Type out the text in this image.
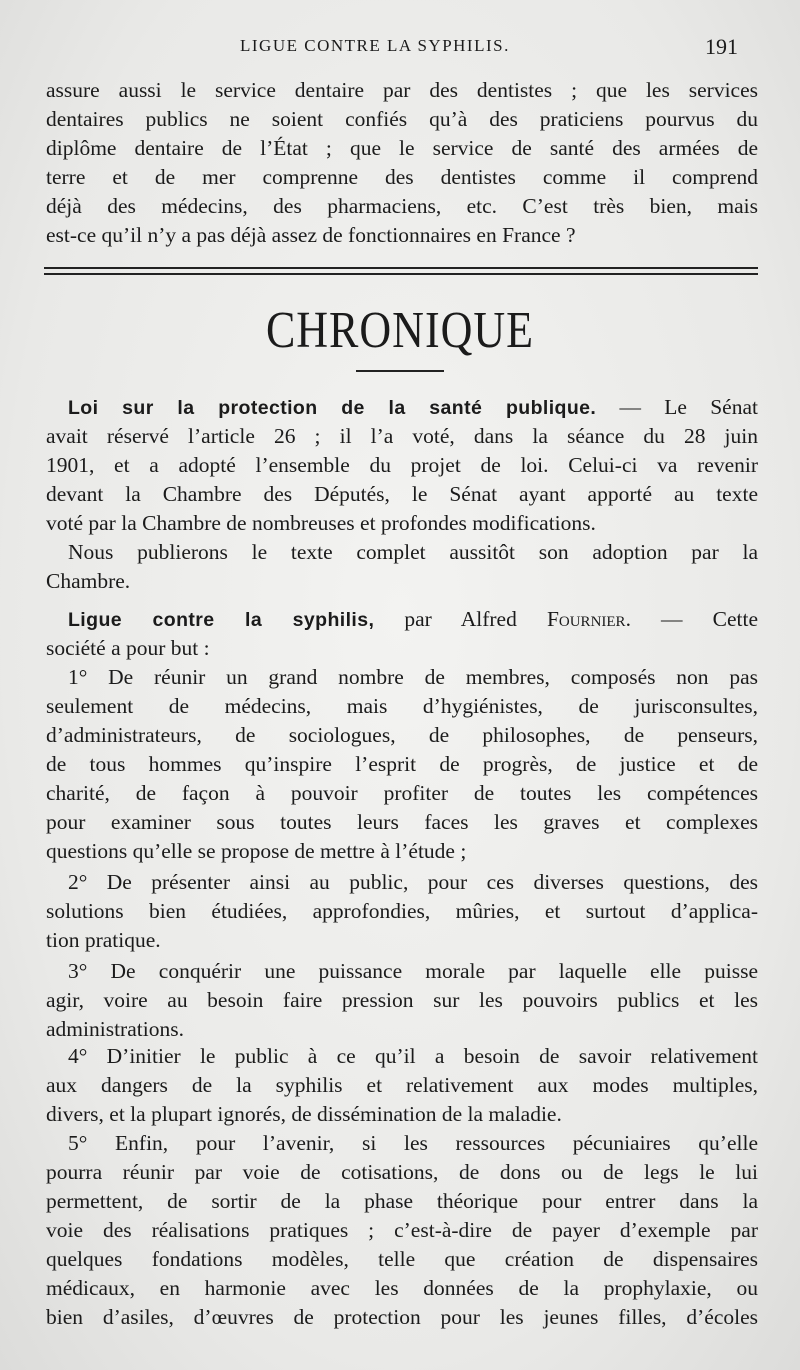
LIGUE CONTRE LA SYPHILIS.	191
assure aussi le service dentaire par des dentistes ; que les services
dentaires publics ne soient confiés qu’à des praticiens pourvus du
diplôme dentaire de l’État ; que le service de santé des armées de
terre et de mer comprenne des dentistes comme il comprend
déjà des médecins, des pharmaciens, etc. C’est très bien, mais
est-ce qu’il n’y a pas déjà assez de fonctionnaires en France ?
CHRONIQUE
Loi sur la protection de la santé publique. — Le Sénat
avait réservé l’article 26 ; il l’a voté, dans la séance du 28 juin
1901, et a adopté l’ensemble du projet de loi. Celui-ci va revenir
devant la Chambre des Députés, le Sénat ayant apporté au texte
voté par la Chambre de nombreuses et profondes modifications.
Nous publierons le texte complet aussitôt son adoption par la
Chambre.
Ligue contre la syphilis, par Alfred Fournier. — Cette
société a pour but :
1° De réunir un grand nombre de membres, composés non pas
seulement de médecins, mais d’hygiénistes, de jurisconsultes,
d’administrateurs, de sociologues, de philosophes, de penseurs,
de tous hommes qu’inspire l’esprit de progrès, de justice et de
charité, de façon à pouvoir profiter de toutes les compétences
pour examiner sous toutes leurs faces les graves et complexes
questions qu’elle se propose de mettre à l’étude ;
2° De présenter ainsi au public, pour ces diverses questions, des
solutions bien étudiées, approfondies, mûries, et surtout d’applica-
tion pratique.
3° De conquérir une puissance morale par laquelle elle puisse
agir, voire au besoin faire pression sur les pouvoirs publics et les
administrations.
4° D’initier le public à ce qu’il a besoin de savoir relativement
aux dangers de la syphilis et relativement aux modes multiples,
divers, et la plupart ignorés, de dissémination de la maladie.
5° Enfin, pour l’avenir, si les ressources pécuniaires qu’elle
pourra réunir par voie de cotisations, de dons ou de legs le lui
permettent, de sortir de la phase théorique pour entrer dans la
voie des réalisations pratiques ; c’est-à-dire de payer d’exemple par
quelques fondations modèles, telle que création de dispensaires
médicaux, en harmonie avec les données de la prophylaxie, ou
bien d’asiles, d’œuvres de protection pour les jeunes filles, d’écoles
